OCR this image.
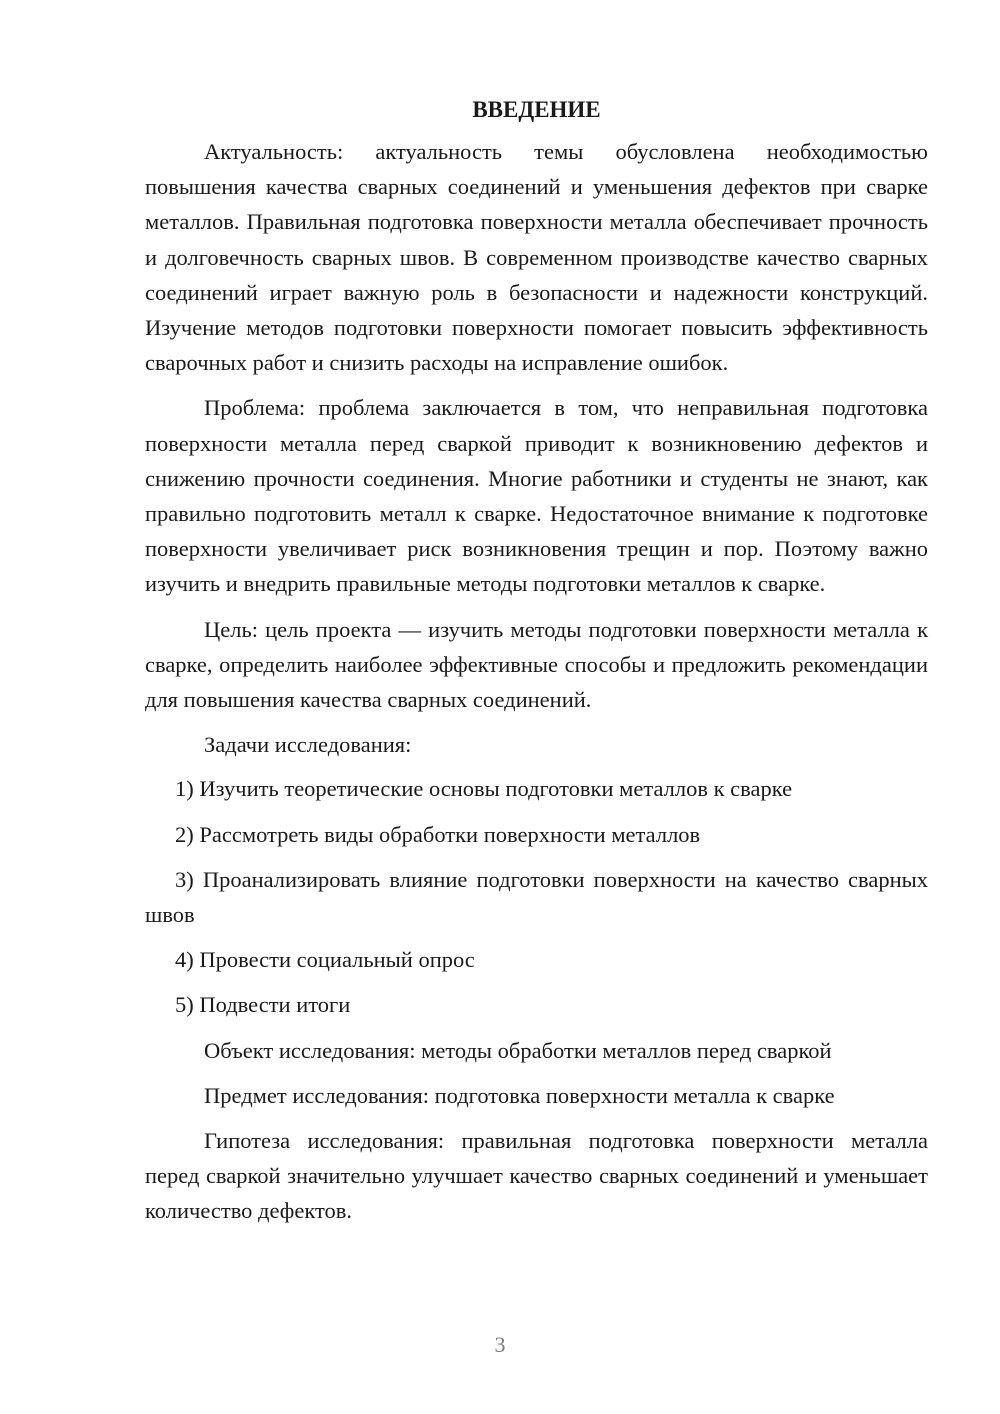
ВВЕДЕНИЕ

Актуальность: актуальность темы обусловлена необходимостью повышения качества сварных соединений и уменьшения дефектов при сварке металлов. Правильная подготовка поверхности металла обеспечивает прочность и долговечность сварных швов. В современном производстве качество сварных соединений играет важную роль в безопасности и надежности конструкций. Изучение методов подготовки поверхности помогает повысить эффективность сварочных работ и снизить расходы на исправление ошибок.

Проблема: проблема заключается в том, что неправильная подготовка поверхности металла перед сваркой приводит к возникновению дефектов и снижению прочности соединения. Многие работники и студенты не знают, как правильно подготовить металл к сварке. Недостаточное внимание к подготовке поверхности увеличивает риск возникновения трещин и пор. Поэтому важно изучить и внедрить правильные методы подготовки металлов к сварке.

Цель: цель проекта — изучить методы подготовки поверхности металла к сварке, определить наиболее эффективные способы и предложить рекомендации для повышения качества сварных соединений.

Задачи исследования:

1) Изучить теоретические основы подготовки металлов к сварке

2) Рассмотреть виды обработки поверхности металлов

3) Проанализировать влияние подготовки поверхности на качество сварных швов

4) Провести социальный опрос

5) Подвести итоги

Объект исследования: методы обработки металлов перед сваркой

Предмет исследования: подготовка поверхности металла к сварке

Гипотеза исследования: правильная подготовка поверхности металла перед сваркой значительно улучшает качество сварных соединений и уменьшает количество дефектов.

3
